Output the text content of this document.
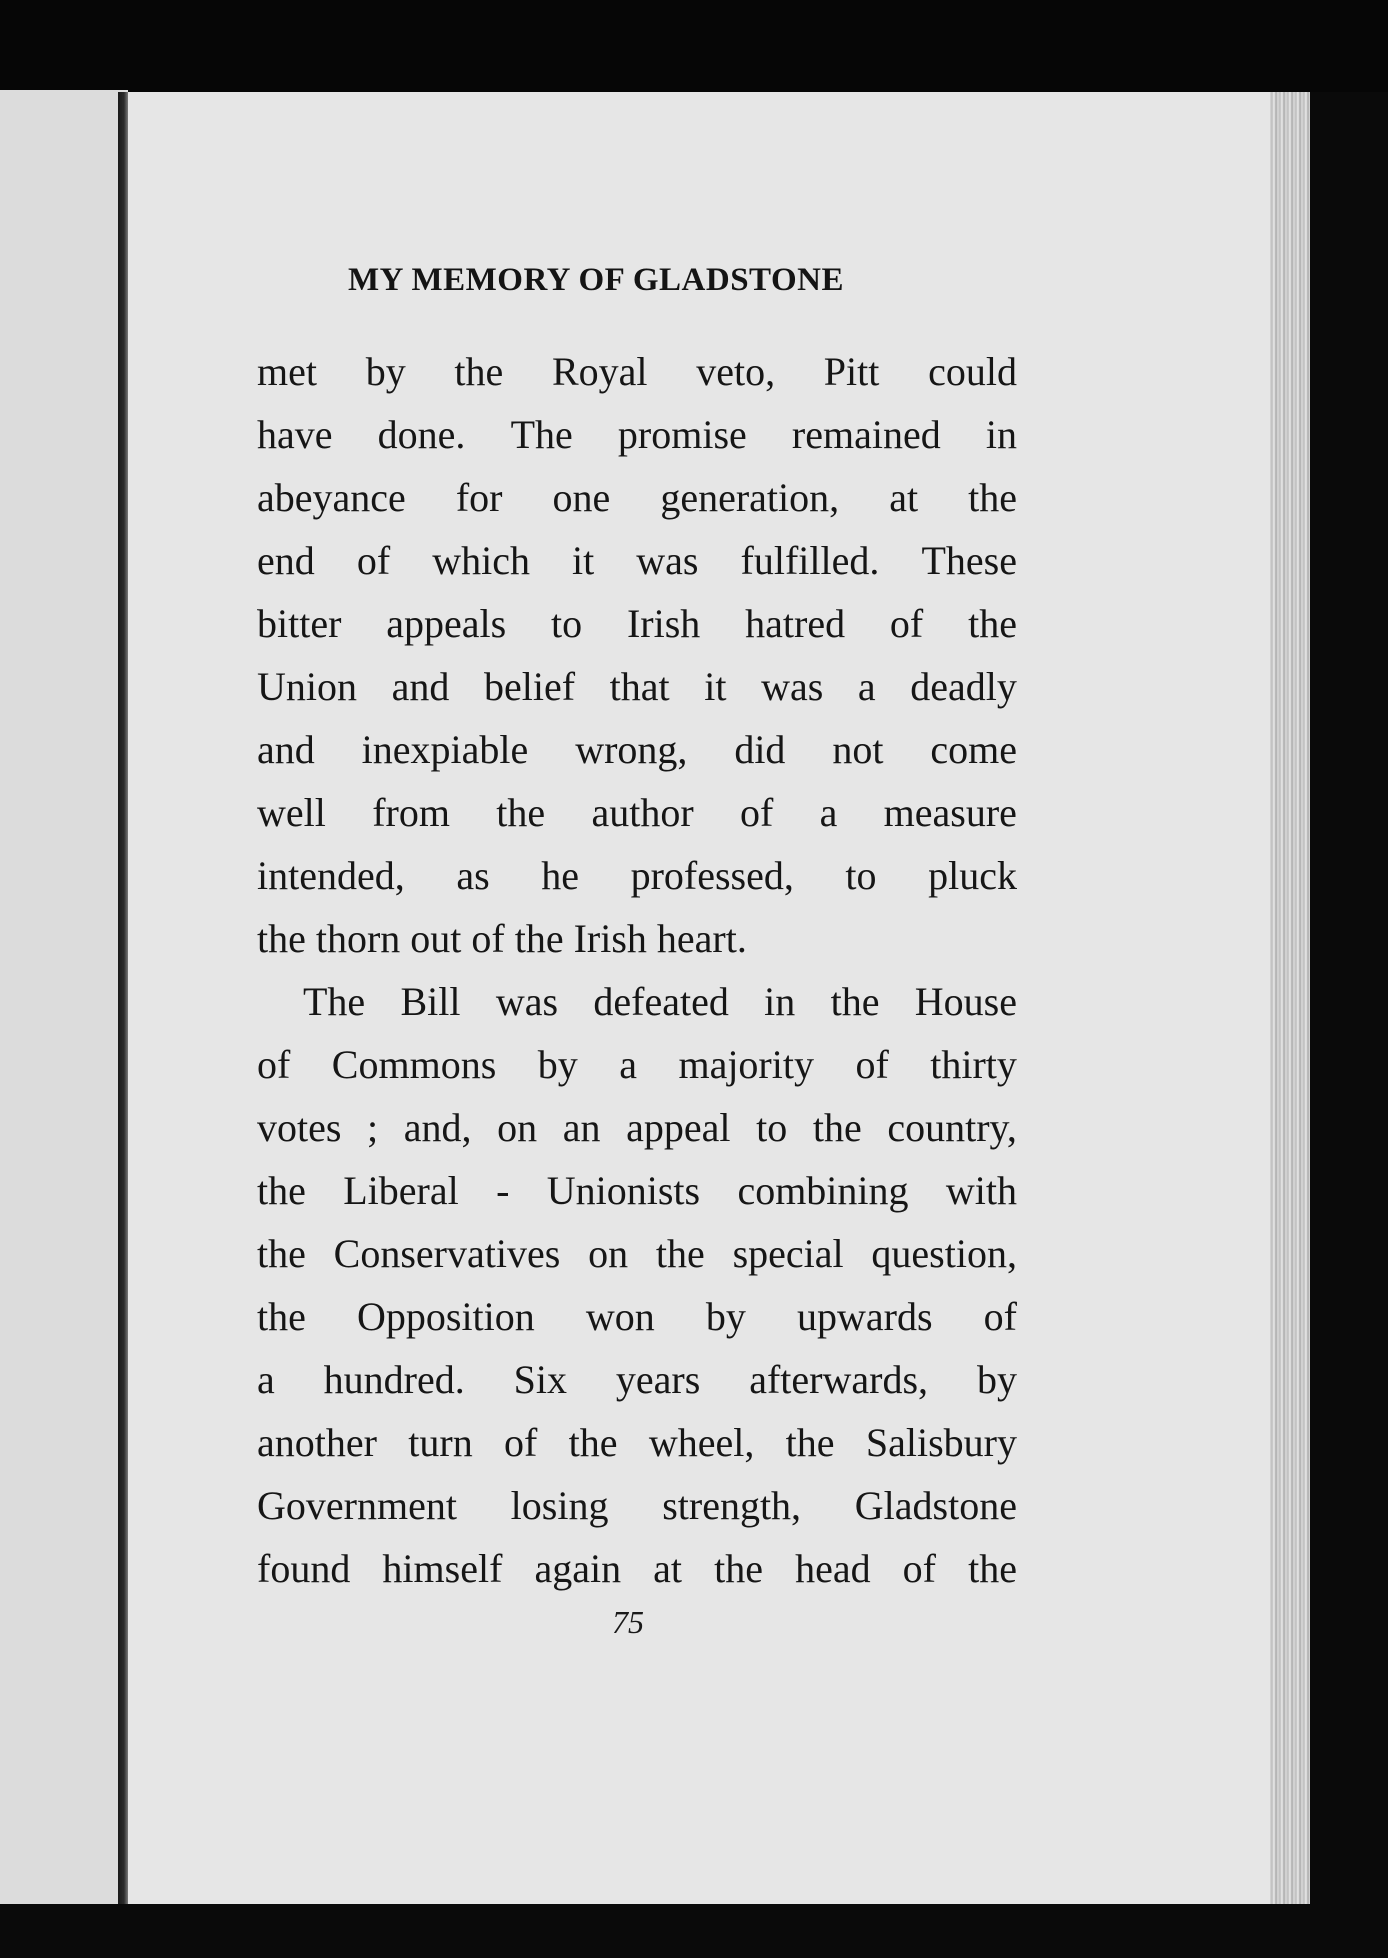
MY MEMORY OF GLADSTONE
met by the Royal veto, Pitt could
have done. The promise remained in
abeyance for one generation, at the
end of which it was fulfilled. These
bitter appeals to Irish hatred of the
Union and belief that it was a deadly
and inexpiable wrong, did not come
well from the author of a measure
intended, as he professed, to pluck
the thorn out of the Irish heart.
The Bill was defeated in the House
of Commons by a majority of thirty
votes ; and, on an appeal to the country,
the Liberal - Unionists combining with
the Conservatives on the special question,
the Opposition won by upwards of
a hundred. Six years afterwards, by
another turn of the wheel, the Salisbury
Government losing strength, Gladstone
found himself again at the head of the
75
